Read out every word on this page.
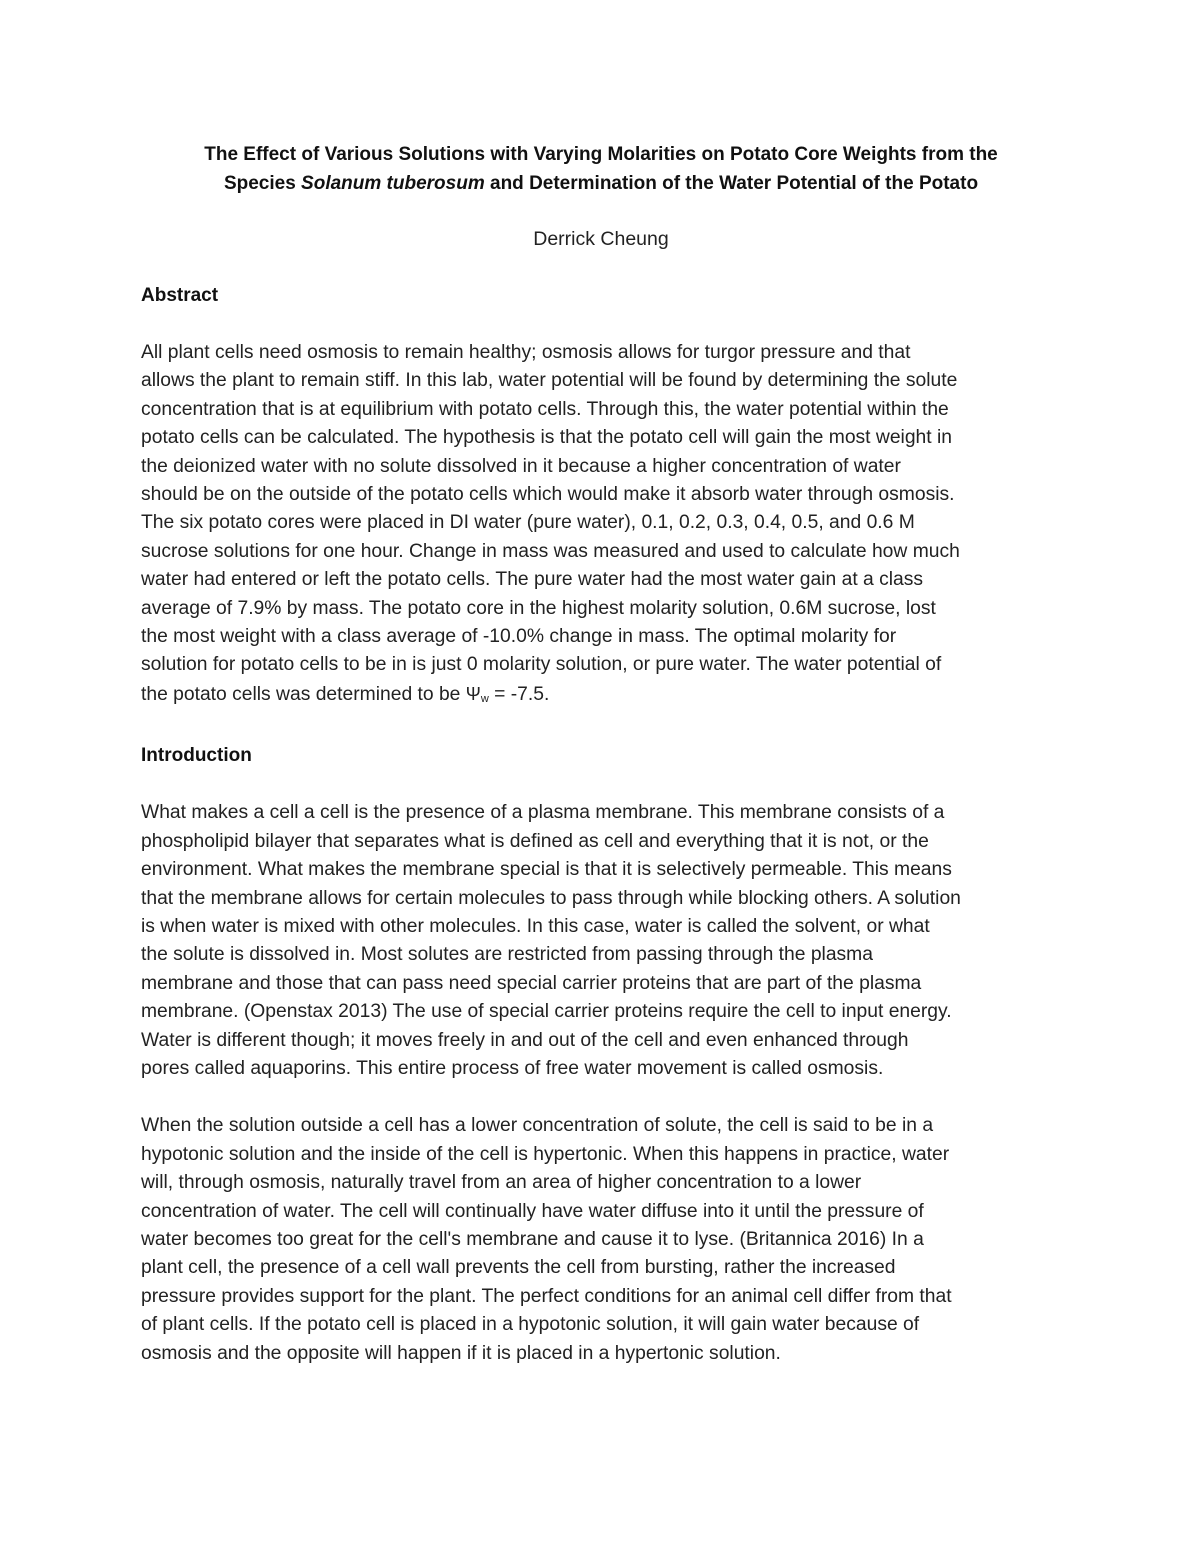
The Effect of Various Solutions with Varying Molarities on Potato Core Weights from the
Species Solanum tuberosum and Determination of the Water Potential of the Potato

Derrick Cheung

Abstract

All plant cells need osmosis to remain healthy; osmosis allows for turgor pressure and that
allows the plant to remain stiff. In this lab, water potential will be found by determining the solute
concentration that is at equilibrium with potato cells. Through this, the water potential within the
potato cells can be calculated. The hypothesis is that the potato cell will gain the most weight in
the deionized water with no solute dissolved in it because a higher concentration of water
should be on the outside of the potato cells which would make it absorb water through osmosis.
The six potato cores were placed in DI water (pure water), 0.1, 0.2, 0.3, 0.4, 0.5, and 0.6 M
sucrose solutions for one hour. Change in mass was measured and used to calculate how much
water had entered or left the potato cells. The pure water had the most water gain at a class
average of 7.9% by mass. The potato core in the highest molarity solution, 0.6M sucrose, lost
the most weight with a class average of -10.0% change in mass. The optimal molarity for
solution for potato cells to be in is just 0 molarity solution, or pure water. The water potential of
the potato cells was determined to be $\Psi_w = -7.5$.

Introduction

What makes a cell a cell is the presence of a plasma membrane. This membrane consists of a
phospholipid bilayer that separates what is defined as cell and everything that it is not, or the
environment. What makes the membrane special is that it is selectively permeable. This means
that the membrane allows for certain molecules to pass through while blocking others. A solution
is when water is mixed with other molecules. In this case, water is called the solvent, or what
the solute is dissolved in. Most solutes are restricted from passing through the plasma
membrane and those that can pass need special carrier proteins that are part of the plasma
membrane. (Openstax 2013) The use of special carrier proteins require the cell to input energy.
Water is different though; it moves freely in and out of the cell and even enhanced through
pores called aquaporins. This entire process of free water movement is called osmosis.

When the solution outside a cell has a lower concentration of solute, the cell is said to be in a
hypotonic solution and the inside of the cell is hypertonic. When this happens in practice, water
will, through osmosis, naturally travel from an area of higher concentration to a lower
concentration of water. The cell will continually have water diffuse into it until the pressure of
water becomes too great for the cell's membrane and cause it to lyse. (Britannica 2016) In a
plant cell, the presence of a cell wall prevents the cell from bursting, rather the increased
pressure provides support for the plant. The perfect conditions for an animal cell differ from that
of plant cells. If the potato cell is placed in a hypotonic solution, it will gain water because of
osmosis and the opposite will happen if it is placed in a hypertonic solution.
